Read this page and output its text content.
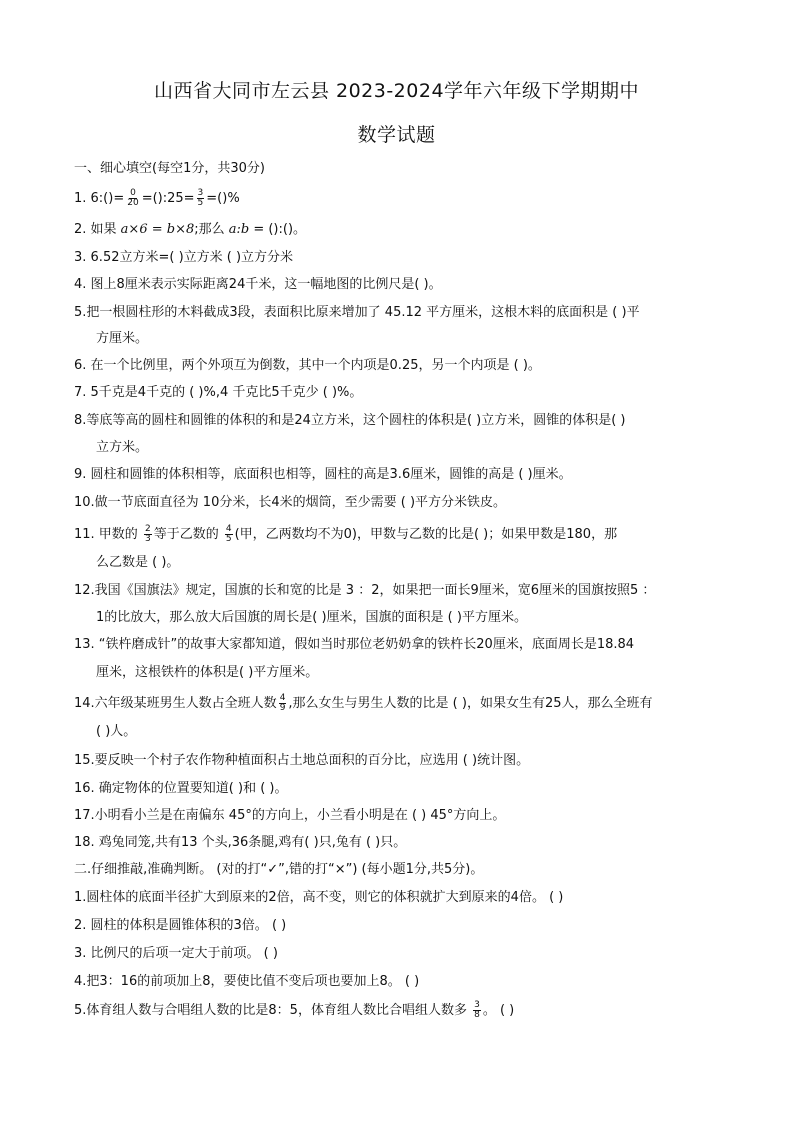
山西省大同市左云县 2023-2024学年六年级下学期期中
数学试题
一、细心填空(每空1分，共30分)
1. 6:()= $\frac{0}{20}$ =():25= $\frac{3}{5}$ =()%
2. 如果 a×6 = b×8;那么 a:b = ():()。
3. 6.52立方米=( )立方米 ( )立方分米
4. 图上8厘米表示实际距离24千米，这一幅地图的比例尺是( )。
5.把一根圆柱形的木料截成3段，表面积比原来增加了 45.12 平方厘米，这根木料的底面积是 ( )平
方厘米。
6. 在一个比例里，两个外项互为倒数，其中一个内项是0.25，另一个内项是 ( )。
7. 5千克是4千克的 ( )%,4 千克比5千克少 ( )%。
8.等底等高的圆柱和圆锥的体积的和是24立方米，这个圆柱的体积是( )立方米，圆锥的体积是( )
立方米。
9. 圆柱和圆锥的体积相等，底面积也相等，圆柱的高是3.6厘米，圆锥的高是 ( )厘米。
10.做一节底面直径为 10分米，长4米的烟筒，至少需要 ( )平方分米铁皮。
11. 甲数的 $\frac{2}{3}$ 等于乙数的 $\frac{4}{5}$ (甲，乙两数均不为0)，甲数与乙数的比是( )；如果甲数是180，那
么乙数是 ( )。
12.我国《国旗法》规定，国旗的长和宽的比是 3 ：2，如果把一面长9厘米，宽6厘米的国旗按照5 ：
1的比放大，那么放大后国旗的周长是( )厘米，国旗的面积是 ( )平方厘米。
13. “铁杵磨成针”的故事大家都知道，假如当时那位老奶奶拿的铁杵长20厘米，底面周长是18.84
厘米，这根铁杵的体积是( )平方厘米。
14.六年级某班男生人数占全班人数 $\frac{4}{9}$ ,那么女生与男生人数的比是 ( )，如果女生有25人，那么全班有
( )人。
15.要反映一个村子农作物种植面积占土地总面积的百分比，应选用 ( )统计图。
16. 确定物体的位置要知道( )和 ( )。
17.小明看小兰是在南偏东 45°的方向上，小兰看小明是在 ( ) 45°方向上。
18. 鸡兔同笼,共有13 个头,36条腿,鸡有( )只,兔有 ( )只。
二.仔细推敲,准确判断。 (对的打“✓”,错的打“×”) (每小题1分,共5分)。
1.圆柱体的底面半径扩大到原来的2倍，高不变，则它的体积就扩大到原来的4倍。 ( )
2. 圆柱的体积是圆锥体积的3倍。 ( )
3. 比例尺的后项一定大于前项。 ( )
4.把3：16的前项加上8，要使比值不变后项也要加上8。 ( )
5.体育组人数与合唱组人数的比是8：5，体育组人数比合唱组人数多 $\frac{3}{8}$ 。 ( )
